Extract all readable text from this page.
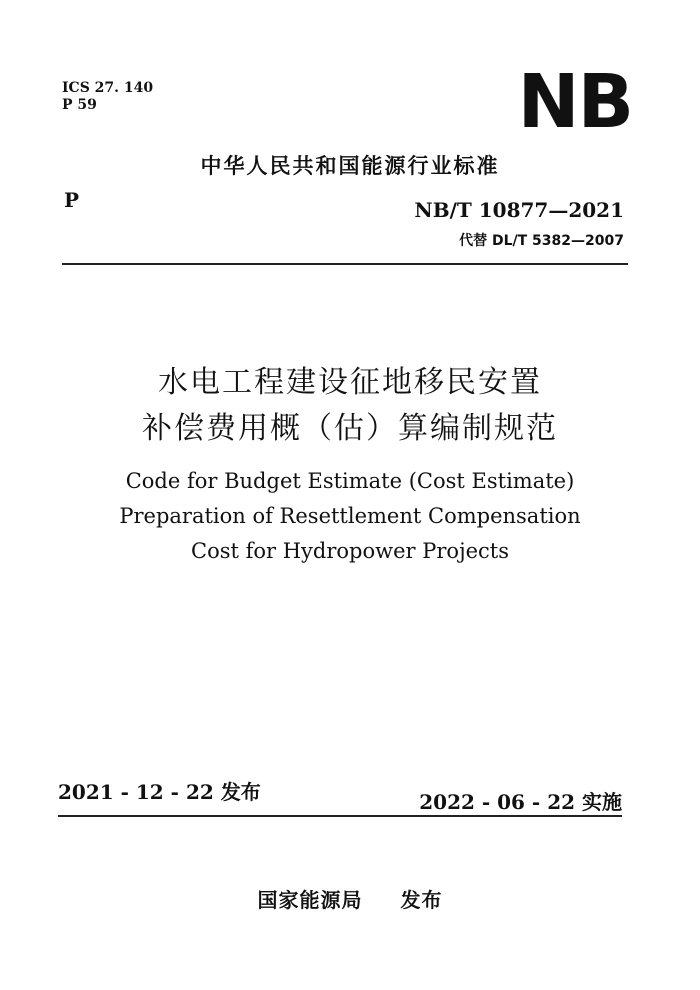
ICS 27. 140
P 59	NB
中华人民共和国能源行业标准
P	NB/T 10877—2021
代替 DL/T 5382—2007
水电工程建设征地移民安置
补偿费用概（估）算编制规范
Code for Budget Estimate (Cost Estimate)
Preparation of Resettlement Compensation
Cost for Hydropower Projects
2021 - 12 - 22 发布	2022 - 06 - 22 实施
国家能源局 发布
